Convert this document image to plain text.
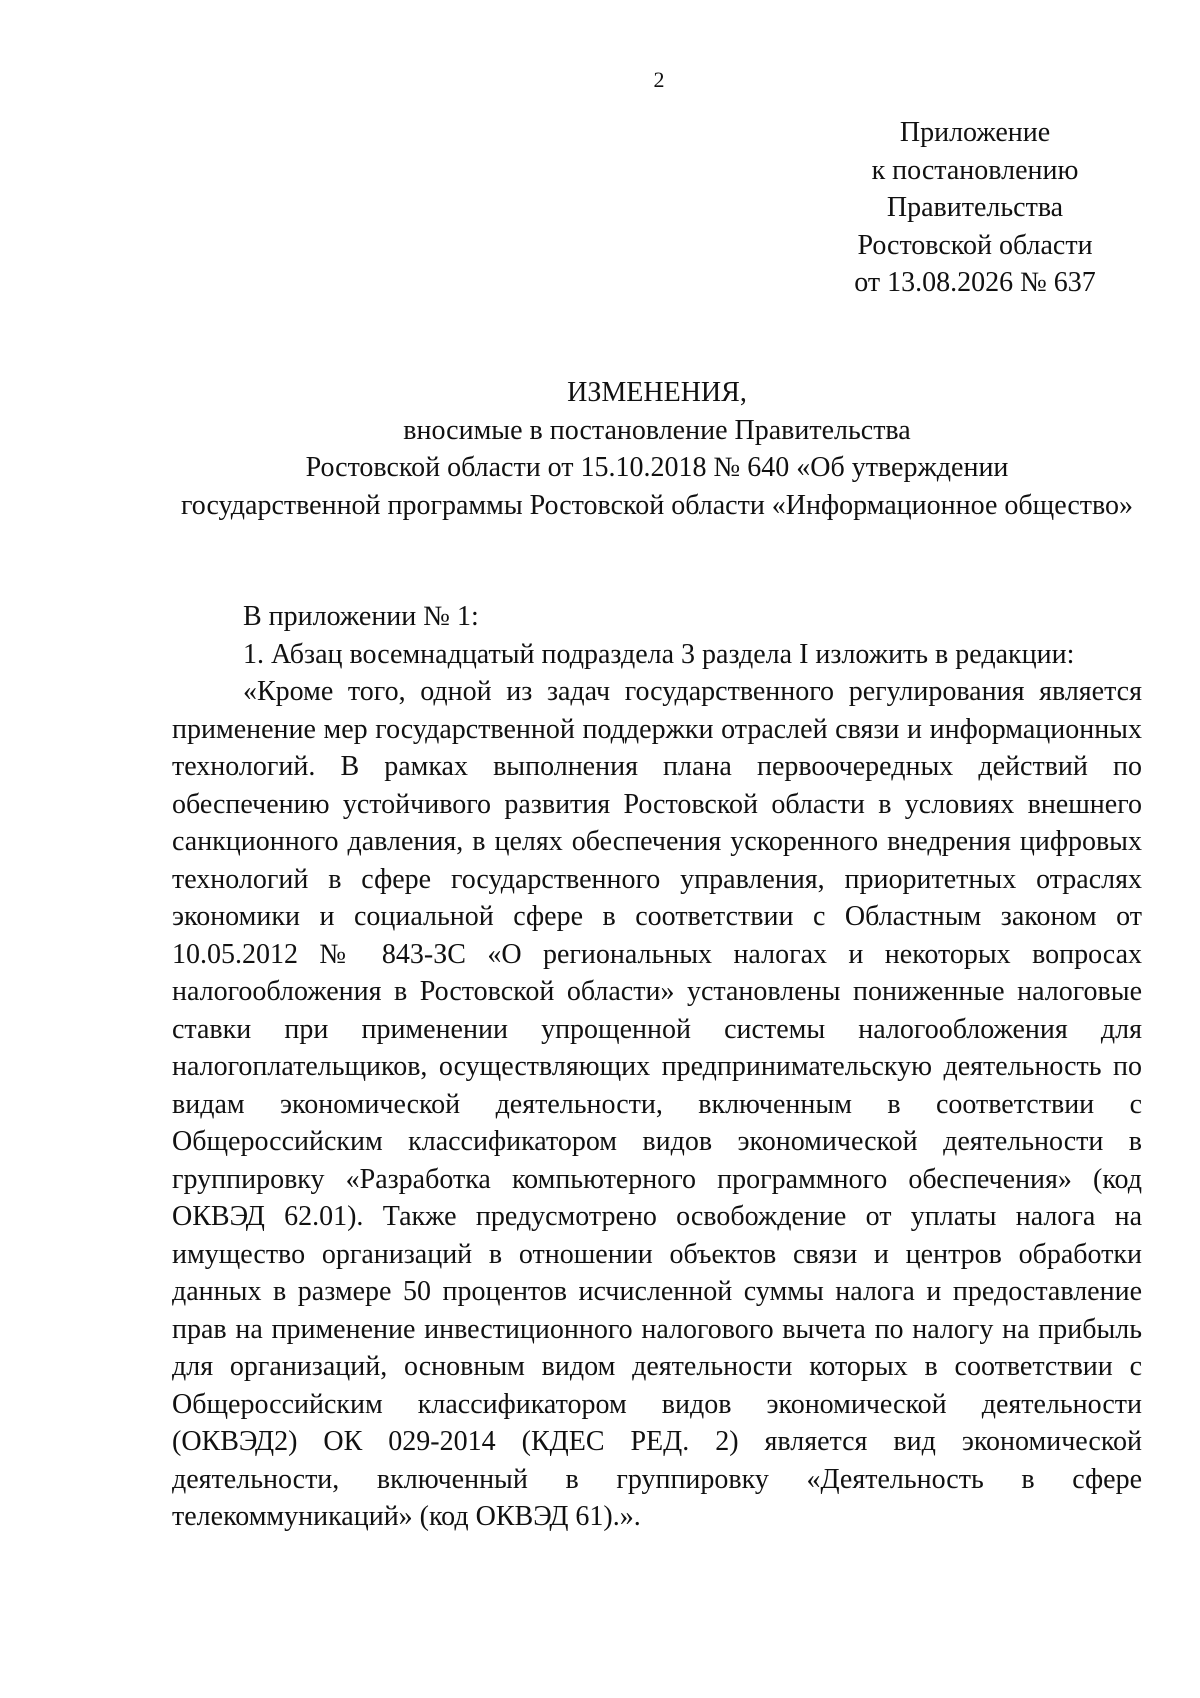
2
Приложение
к постановлению
Правительства
Ростовской области
от 13.08.2026 № 637
ИЗМЕНЕНИЯ,
вносимые в постановление Правительства
Ростовской области от 15.10.2018 № 640 «Об утверждении
государственной программы Ростовской области «Информационное общество»

В приложении № 1:

1. Абзац восемнадцатый подраздела 3 раздела I изложить в редакции:

«Кроме того, одной из задач государственного регулирования является применение мер государственной поддержки отраслей связи и информационных технологий. В рамках выполнения плана первоочередных действий по обеспечению устойчивого развития Ростовской области в условиях внешнего санкционного давления, в целях обеспечения ускоренного внедрения цифровых технологий в сфере государственного управления, приоритетных отраслях экономики и социальной сфере в соответствии с Областным законом от 10.05.2012 № 843-ЗС «О региональных налогах и некоторых вопросах налогообложения в Ростовской области» установлены пониженные налоговые ставки при применении упрощенной системы налогообложения для налогоплательщиков, осуществляющих предпринимательскую деятельность по видам экономической деятельности, включенным в соответствии с Общероссийским классификатором видов экономической деятельности в группировку «Разработка компьютерного программного обеспечения» (код ОКВЭД 62.01). Также предусмотрено освобождение от уплаты налога на имущество организаций в отношении объектов связи и центров обработки данных в размере 50 процентов исчисленной суммы налога и предоставление прав на применение инвестиционного налогового вычета по налогу на прибыль для организаций, основным видом деятельности которых в соответствии с Общероссийским классификатором видов экономической деятельности (ОКВЭД2) ОК 029-2014 (КДЕС РЕД. 2) является вид экономической деятельности, включенный в группировку «Деятельность в сфере телекоммуникаций» (код ОКВЭД 61).».
